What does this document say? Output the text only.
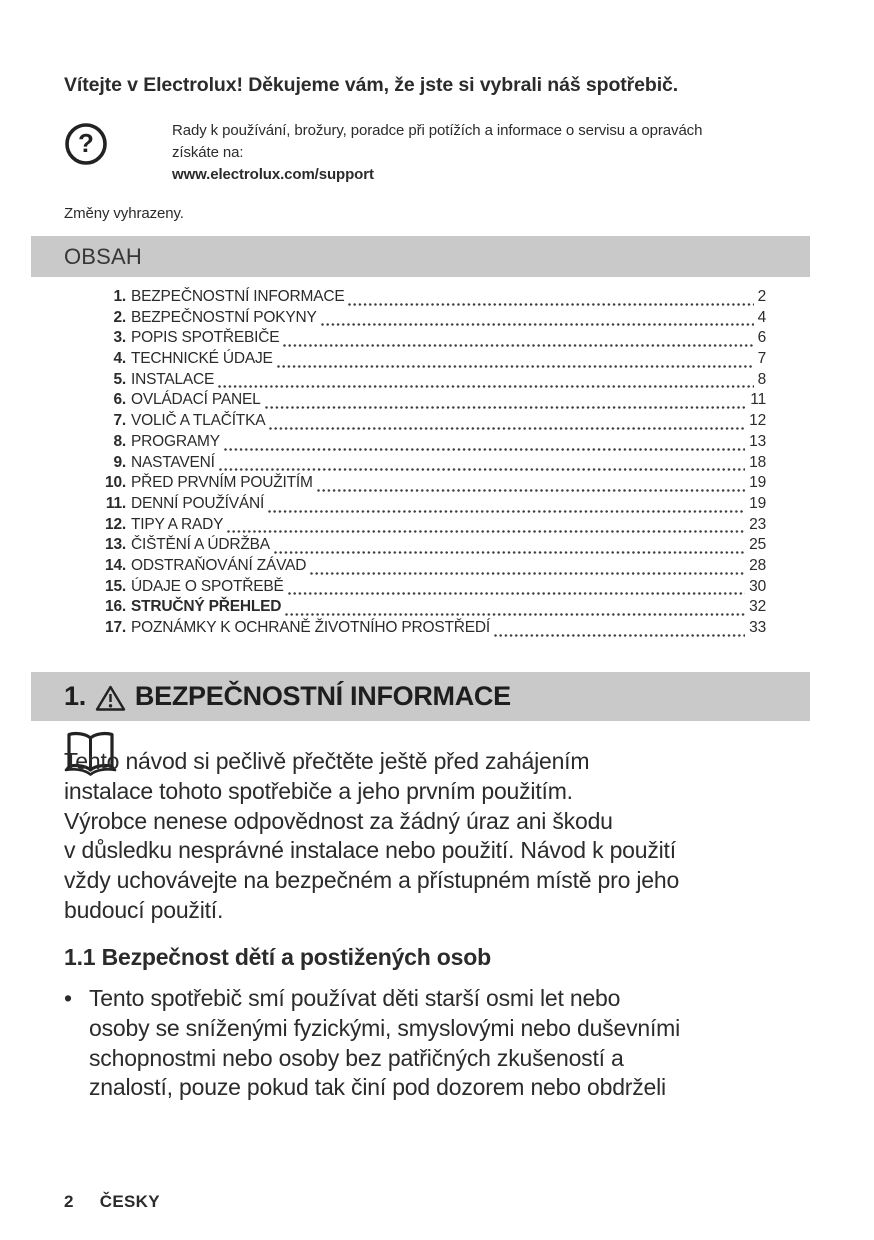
Vítejte v Electrolux! Děkujeme vám, že jste si vybrali náš spotřebič.
?	Rady k používání, brožury, poradce při potížích a informace o servisu a opravách
získáte na:
www.electrolux.com/support
Změny vyhrazeny.
OBSAH
1. BEZPEČNOSTNÍ INFORMACE	2
2. BEZPEČNOSTNÍ POKYNY	4
3. POPIS SPOTŘEBIČE	6
4. TECHNICKÉ ÚDAJE	7
5. INSTALACE	8
6. OVLÁDACÍ PANEL	11
7. VOLIČ A TLAČÍTKA	12
8. PROGRAMY	13
9. NASTAVENÍ	18
10. PŘED PRVNÍM POUŽITÍM	19
11. DENNÍ POUŽÍVÁNÍ	19
12. TIPY A RADY	23
13. ČIŠTĚNÍ A ÚDRŽBA	25
14. ODSTRAŇOVÁNÍ ZÁVAD	28
15. ÚDAJE O SPOTŘEBĚ	30
16. STRUČNÝ PŘEHLED	32
17. POZNÁMKY K OCHRANĚ ŽIVOTNÍHO PROSTŘEDÍ	33
1. BEZPEČNOSTNÍ INFORMACE
Tento návod si pečlivě přečtěte ještě před zahájením
instalace tohoto spotřebiče a jeho prvním použitím.
Výrobce nenese odpovědnost za žádný úraz ani škodu
v důsledku nesprávné instalace nebo použití. Návod k použití
vždy uchovávejte na bezpečném a přístupném místě pro jeho
budoucí použití.
1.1 Bezpečnost dětí a postižených osob
• Tento spotřebič smí používat děti starší osmi let nebo
osoby se sníženými fyzickými, smyslovými nebo duševními
schopnostmi nebo osoby bez patřičných zkušeností a
znalostí, pouze pokud tak činí pod dozorem nebo obdrželi
2 ČESKY
